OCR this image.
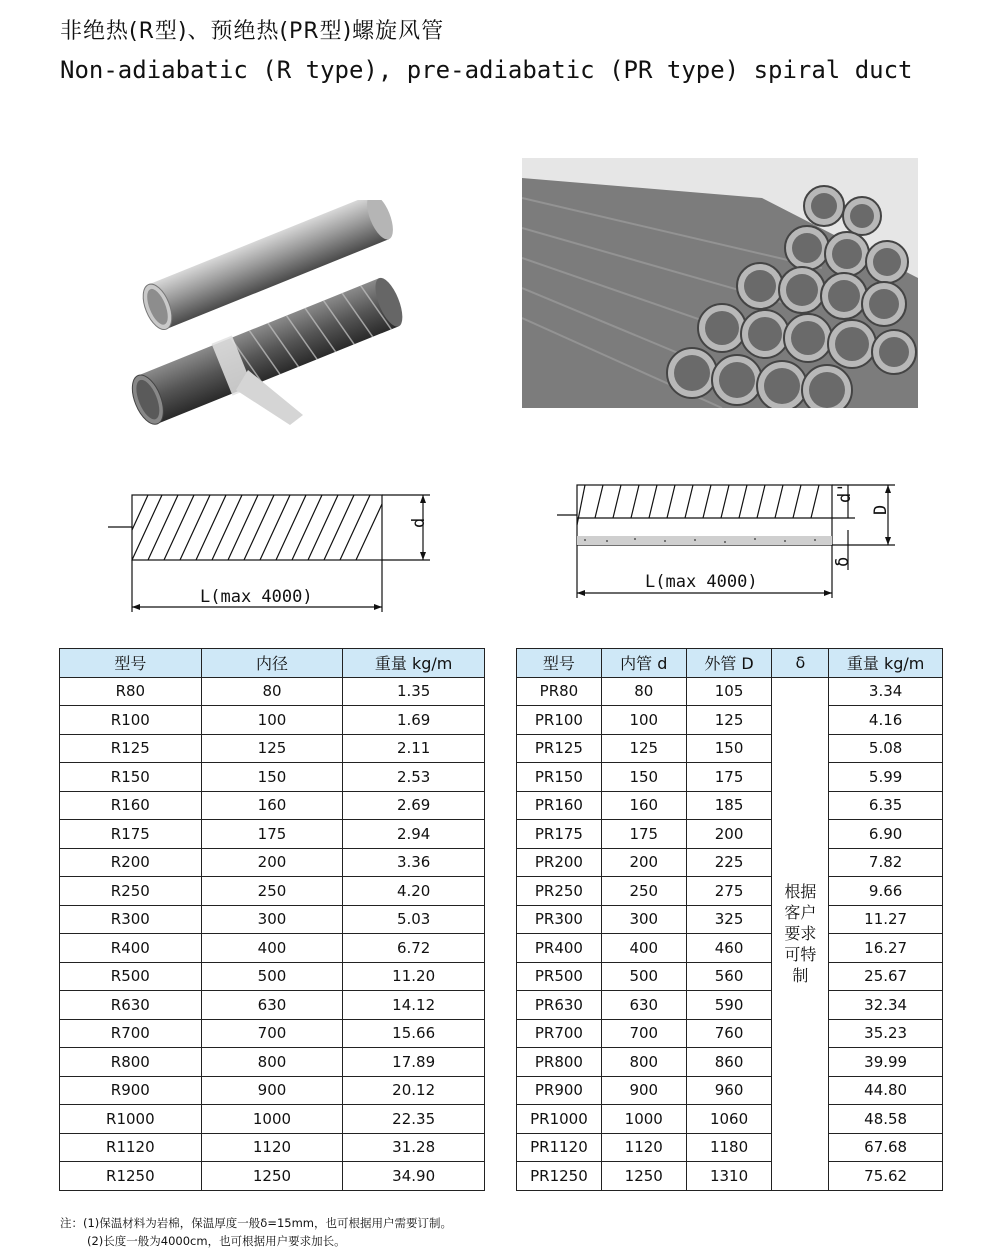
非绝热(R型)、预绝热(PR型)螺旋风管
Non-adiabatic (R type), pre-adiabatic (PR type) spiral duct
d
L(max 4000)
D
d'
δ
L(max 4000)
型号	内径	重量 kg/m
R80	80	1.35
R100	100	1.69
R125	125	2.11
R150	150	2.53
R160	160	2.69
R175	175	2.94
R200	200	3.36
R250	250	4.20
R300	300	5.03
R400	400	6.72
R500	500	11.20
R630	630	14.12
R700	700	15.66
R800	800	17.89
R900	900	20.12
R1000	1000	22.35
R1120	1120	31.28
R1250	1250	34.90
型号	内管 d	外管 D	δ	重量 kg/m
PR80	80	105	根据
客户
要求
可特
制	3.34
PR100	100	125		4.16
PR125	125	150		5.08
PR150	150	175		5.99
PR160	160	185		6.35
PR175	175	200		6.90
PR200	200	225		7.82
PR250	250	275		9.66
PR300	300	325		11.27
PR400	400	460		16.27
PR500	500	560		25.67
PR630	630	590		32.34
PR700	700	760		35.23
PR800	800	860		39.99
PR900	900	960		44.80
PR1000	1000	1060		48.58
PR1120	1120	1180		67.68
PR1250	1250	1310		75.62
注：(1)保温材料为岩棉，保温厚度一般δ=15mm，也可根据用户需要订制。
(2)长度一般为4000cm，也可根据用户要求加长。
